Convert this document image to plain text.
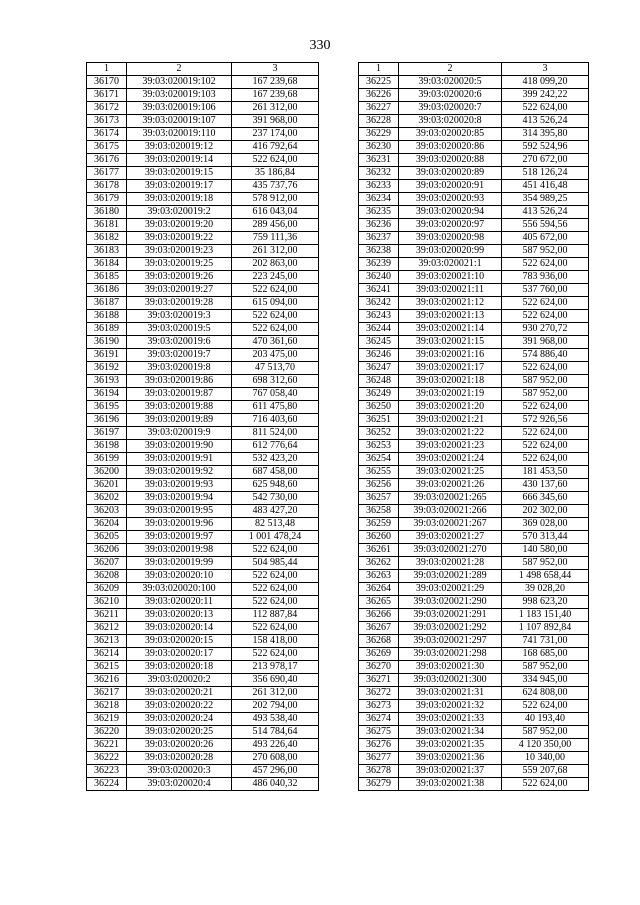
330
1	2	3
36170	39:03:020019:102	167 239,68
36171	39:03:020019:103	167 239,68
36172	39:03:020019:106	261 312,00
36173	39:03:020019:107	391 968,00
36174	39:03:020019:110	237 174,00
36175	39:03:020019:12	416 792,64
36176	39:03:020019:14	522 624,00
36177	39:03:020019:15	35 186,84
36178	39:03:020019:17	435 737,76
36179	39:03:020019:18	578 912,00
36180	39:03:020019:2	616 043,04
36181	39:03:020019:20	289 456,00
36182	39:03:020019:22	759 111,36
36183	39:03:020019:23	261 312,00
36184	39:03:020019:25	202 863,00
36185	39:03:020019:26	223 245,00
36186	39:03:020019:27	522 624,00
36187	39:03:020019:28	615 094,00
36188	39:03:020019:3	522 624,00
36189	39:03:020019:5	522 624,00
36190	39:03:020019:6	470 361,60
36191	39:03:020019:7	203 475,00
36192	39:03:020019:8	47 513,70
36193	39:03:020019:86	698 312,60
36194	39:03:020019:87	767 058,40
36195	39:03:020019:88	611 475,80
36196	39:03:020019:89	716 403,60
36197	39:03:020019:9	811 524,00
36198	39:03:020019:90	612 776,64
36199	39:03:020019:91	532 423,20
36200	39:03:020019:92	687 458,00
36201	39:03:020019:93	625 948,60
36202	39:03:020019:94	542 730,00
36203	39:03:020019:95	483 427,20
36204	39:03:020019:96	82 513,48
36205	39:03:020019:97	1 001 478,24
36206	39:03:020019:98	522 624,00
36207	39:03:020019:99	504 985,44
36208	39:03:020020:10	522 624,00
36209	39:03:020020:100	522 624,00
36210	39:03:020020:11	522 624,00
36211	39:03:020020:13	112 887,84
36212	39:03:020020:14	522 624,00
36213	39:03:020020:15	158 418,00
36214	39:03:020020:17	522 624,00
36215	39:03:020020:18	213 978,17
36216	39:03:020020:2	356 690,40
36217	39:03:020020:21	261 312,00
36218	39:03:020020:22	202 794,00
36219	39:03:020020:24	493 538,40
36220	39:03:020020:25	514 784,64
36221	39:03:020020:26	493 226,40
36222	39:03:020020:28	270 608,00
36223	39:03:020020:3	457 296,00
36224	39:03:020020:4	486 040,32
1	2	3
36225	39:03:020020:5	418 099,20
36226	39:03:020020:6	399 242,22
36227	39:03:020020:7	522 624,00
36228	39:03:020020:8	413 526,24
36229	39:03:020020:85	314 395,80
36230	39:03:020020:86	592 524,96
36231	39:03:020020:88	270 672,00
36232	39:03:020020:89	518 126,24
36233	39:03:020020:91	451 416,48
36234	39:03:020020:93	354 989,25
36235	39:03:020020:94	413 526,24
36236	39:03:020020:97	556 594,56
36237	39:03:020020:98	405 672,00
36238	39:03:020020:99	587 952,00
36239	39:03:020021:1	522 624,00
36240	39:03:020021:10	783 936,00
36241	39:03:020021:11	537 760,00
36242	39:03:020021:12	522 624,00
36243	39:03:020021:13	522 624,00
36244	39:03:020021:14	930 270,72
36245	39:03:020021:15	391 968,00
36246	39:03:020021:16	574 886,40
36247	39:03:020021:17	522 624,00
36248	39:03:020021:18	587 952,00
36249	39:03:020021:19	587 952,00
36250	39:03:020021:20	522 624,00
36251	39:03:020021:21	572 926,56
36252	39:03:020021:22	522 624,00
36253	39:03:020021:23	522 624,00
36254	39:03:020021:24	522 624,00
36255	39:03:020021:25	181 453,50
36256	39:03:020021:26	430 137,60
36257	39:03:020021:265	666 345,60
36258	39:03:020021:266	202 302,00
36259	39:03:020021:267	369 028,00
36260	39:03:020021:27	570 313,44
36261	39:03:020021:270	140 580,00
36262	39:03:020021:28	587 952,00
36263	39:03:020021:289	1 498 658,44
36264	39:03:020021:29	39 028,20
36265	39:03:020021:290	998 623,20
36266	39:03:020021:291	1 183 151,40
36267	39:03:020021:292	1 107 892,84
36268	39:03:020021:297	741 731,00
36269	39:03:020021:298	168 685,00
36270	39:03:020021:30	587 952,00
36271	39:03:020021:300	334 945,00
36272	39:03:020021:31	624 808,00
36273	39:03:020021:32	522 624,00
36274	39:03:020021:33	40 193,40
36275	39:03:020021:34	587 952,00
36276	39:03:020021:35	4 120 350,00
36277	39:03:020021:36	10 340,00
36278	39:03:020021:37	559 207,68
36279	39:03:020021:38	522 624,00
